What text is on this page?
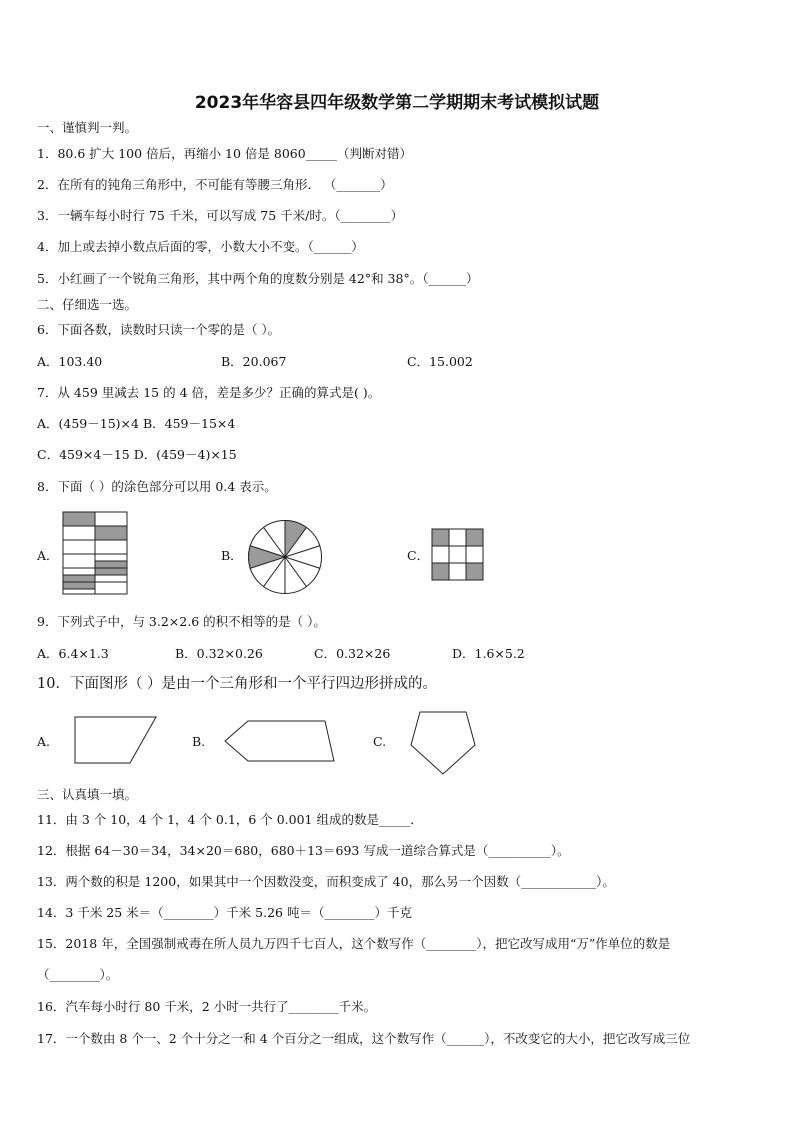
2023年华容县四年级数学第二学期期末考试模拟试题
一、谨慎判一判。
1．80.6 扩大 100 倍后，再缩小 10 倍是 8060_____（判断对错）
2．在所有的钝角三角形中，不可能有等腰三角形． （_______）
3．一辆车每小时行 75 千米，可以写成 75 千米/时。（________）
4．加上或去掉小数点后面的零，小数大小不变。（______）
5．小红画了一个锐角三角形，其中两个角的度数分别是 42°和 38°。（______）
二、仔细选一选。
6．下面各数，读数时只读一个零的是（ ）。
A．103.40	B．20.067	C．15.002
7．从 459 里减去 15 的 4 倍，差是多少？正确的算式是( )。
A．(459－15)×4 B．459－15×4
C．459×4－15 D．(459－4)×15
8．下面（ ）的涂色部分可以用 0.4 表示。
A．	B．	C．
9．下列式子中，与 3.2×2.6 的积不相等的是（ ）。
A．6.4×1.3	B．0.32×0.26	C．0.32×26	D．1.6×5.2
10．下面图形（ ）是由一个三角形和一个平行四边形拼成的。
A.	B.	C.
三、认真填一填。
11．由 3 个 10，4 个 1，4 个 0.1，6 个 0.001 组成的数是_____．
12．根据 64－30＝34，34×20＝680，680＋13＝693 写成一道综合算式是（__________）。
13．两个数的积是 1200，如果其中一个因数没变，而积变成了 40，那么另一个因数（____________）。
14．3 千米 25 米＝（________）千米 5.26 吨＝（________）千克
15．2018 年，全国强制戒毒在所人员九万四千七百人，这个数写作（________），把它改写成用“万”作单位的数是
（________）。
16．汽车每小时行 80 千米，2 小时一共行了________千米。
17．一个数由 8 个一、2 个十分之一和 4 个百分之一组成，这个数写作（______），不改变它的大小，把它改写成三位
